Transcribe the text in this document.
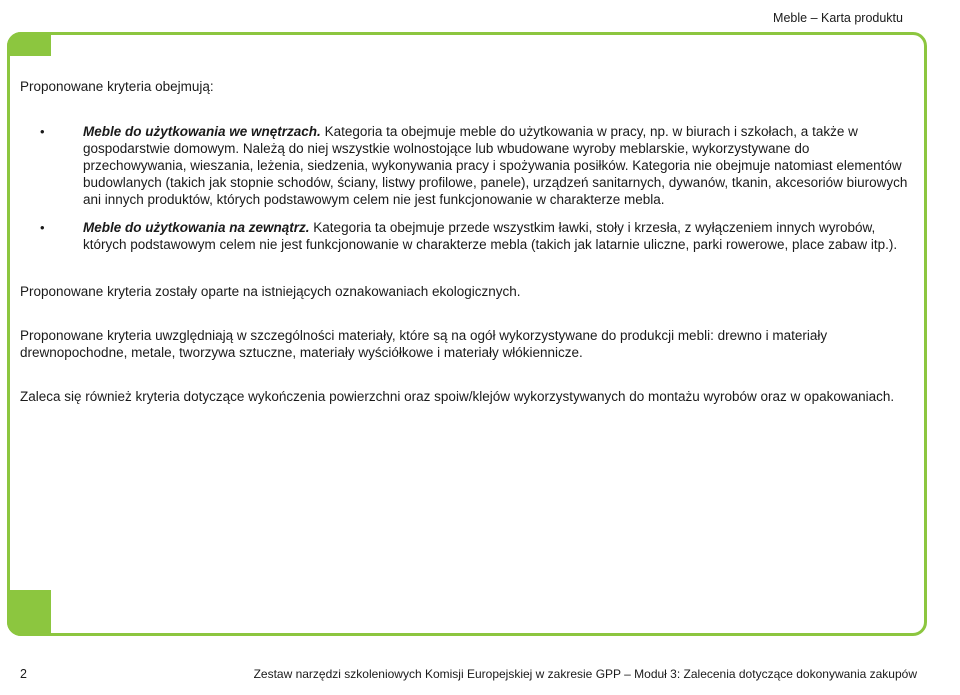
Meble – Karta produktu

Proponowane kryteria obejmują:

•	Meble do użytkowania we wnętrzach. Kategoria ta obejmuje meble do użytkowania w pracy, np. w biurach i szkołach, a także w gospodarstwie domowym. Należą do niej wszystkie wolnostojące lub wbudowane wyroby meblarskie, wykorzystywane do przechowywania, wieszania, leżenia, siedzenia, wykonywania pracy i spożywania posiłków. Kategoria nie obejmuje natomiast elementów budowlanych (takich jak stopnie schodów, ściany, listwy profilowe, panele), urządzeń sanitarnych, dywanów, tkanin, akcesoriów biurowych ani innych produktów, których podstawowym celem nie jest funkcjonowanie w charakterze mebla.
•	Meble do użytkowania na zewnątrz. Kategoria ta obejmuje przede wszystkim ławki, stoły i krzesła, z wyłączeniem innych wyrobów, których podstawowym celem nie jest funkcjonowanie w charakterze mebla (takich jak latarnie uliczne, parki rowerowe, place zabaw itp.).

Proponowane kryteria zostały oparte na istniejących oznakowaniach ekologicznych.

Proponowane kryteria uwzględniają w szczególności materiały, które są na ogół wykorzystywane do produkcji mebli: drewno i materiały drewnopochodne, metale, tworzywa sztuczne, materiały wyściółkowe i materiały włókiennicze.

Zaleca się również kryteria dotyczące wykończenia powierzchni oraz spoiw/klejów wykorzystywanych do montażu wyrobów oraz w opakowaniach.

2	Zestaw narzędzi szkoleniowych Komisji Europejskiej w zakresie GPP – Moduł 3: Zalecenia dotyczące dokonywania zakupów
